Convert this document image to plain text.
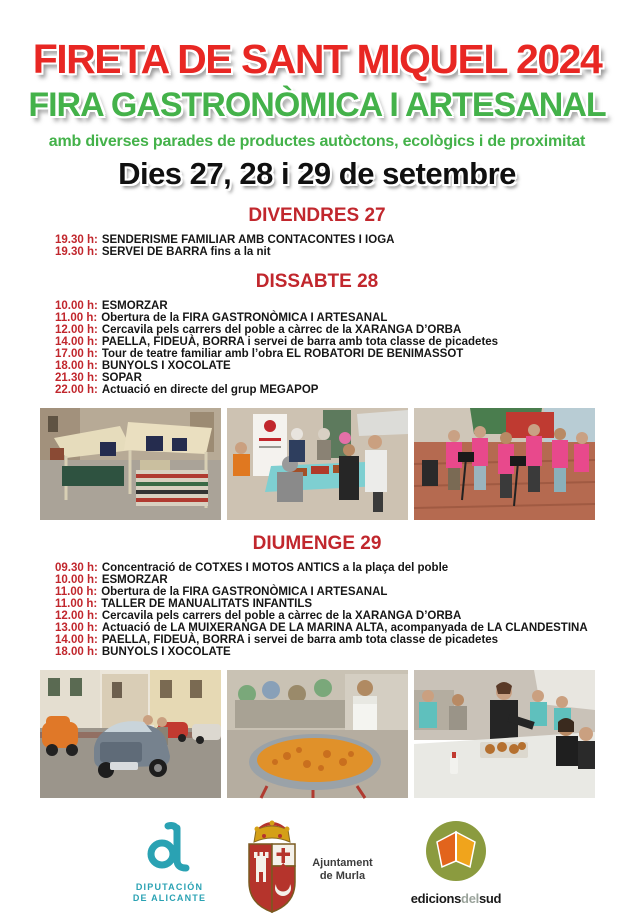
FIRETA DE SANT MIQUEL 2024
FIRA GASTRONÒMICA I ARTESANAL
amb diverses parades de productes autòctons, ecològics i de proximitat
Dies 27, 28 i 29 de setembre
DIVENDRES 27
19.30 h: SENDERISME FAMILIAR AMB CONTACONTES I IOGA
19.30 h: SERVEI DE BARRA fins a la nit
DISSABTE 28
10.00 h: ESMORZAR
11.00 h: Obertura de la FIRA GASTRONÒMICA I ARTESANAL
12.00 h: Cercavila pels carrers del poble a càrrec de la XARANGA D’ORBA
14.00 h: PAELLA, FIDEUÀ, BORRA i servei de barra amb tota classe de picadetes
17.00 h: Tour de teatre familiar amb l’obra EL ROBATORI DE BENIMASSOT
18.00 h: BUNYOLS I XOCOLATE
21.30 h: SOPAR
22.00 h: Actuació en directe del grup MEGAPOP
DIUMENGE 29
09.30 h: Concentració de COTXES I MOTOS ANTICS a la plaça del poble
10.00 h: ESMORZAR
11.00 h: Obertura de la FIRA GASTRONÒMICA I ARTESANAL
11.00 h: TALLER DE MANUALITATS INFANTILS
12.00 h: Cercavila pels carrers del poble a càrrec de la XARANGA D’ORBA
13.00 h: Actuació de LA MUIXERANGA DE LA MARINA ALTA, acompanyada de LA CLANDESTINA
14.00 h: PAELLA, FIDEUÀ, BORRA i servei de barra amb tota classe de picadetes
18.00 h: BUNYOLS I XOCOLATE
DIPUTACIÓN
DE ALICANTE
Ajuntament
de Murla
edicionsdelsud
